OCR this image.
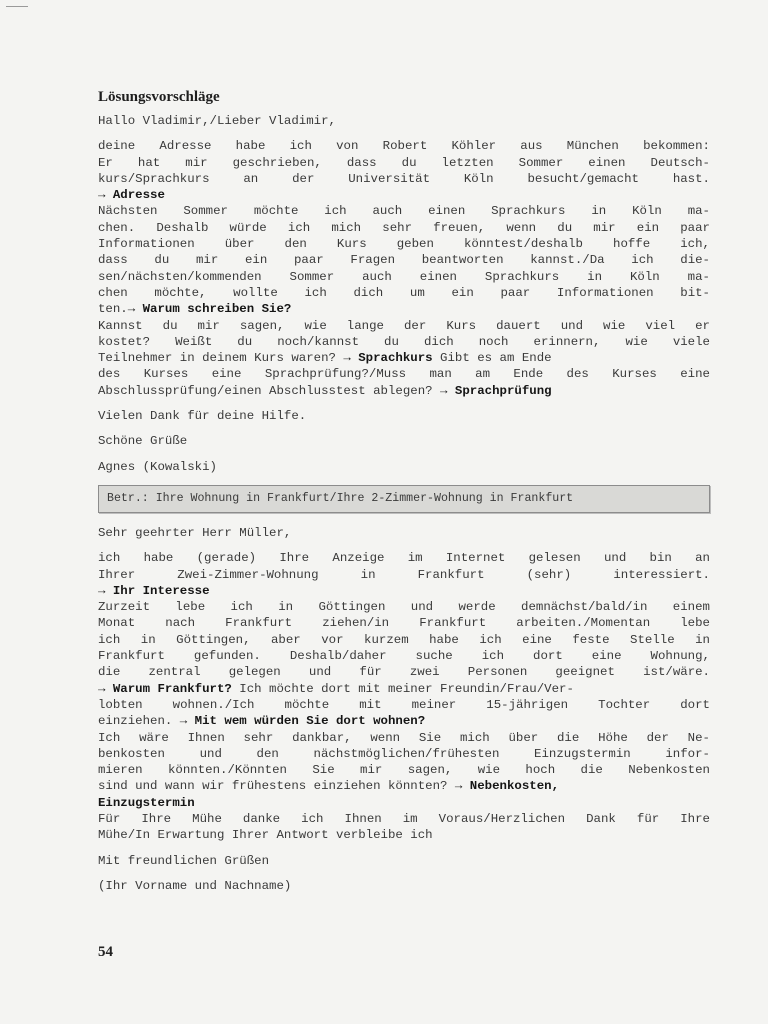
Lösungsvorschläge
Hallo Vladimir,/Lieber Vladimir,
deine Adresse habe ich von Robert Köhler aus München bekommen:
Er hat mir geschrieben, dass du letzten Sommer einen Deutsch-
kurs/Sprachkurs an der Universität Köln besucht/gemacht hast.
→ Adresse
Nächsten Sommer möchte ich auch einen Sprachkurs in Köln ma-
chen. Deshalb würde ich mich sehr freuen, wenn du mir ein paar
Informationen über den Kurs geben könntest/deshalb hoffe ich,
dass du mir ein paar Fragen beantworten kannst./Da ich die-
sen/nächsten/kommenden Sommer auch einen Sprachkurs in Köln ma-
chen möchte, wollte ich dich um ein paar Informationen bit-
ten.→ Warum schreiben Sie?
Kannst du mir sagen, wie lange der Kurs dauert und wie viel er
kostet? Weißt du noch/kannst du dich noch erinnern, wie viele
Teilnehmer in deinem Kurs waren? → Sprachkurs Gibt es am Ende
des Kurses eine Sprachprüfung?/Muss man am Ende des Kurses eine
Abschlussprüfung/einen Abschlusstest ablegen? → Sprachprüfung
Vielen Dank für deine Hilfe.
Schöne Grüße
Agnes (Kowalski)
Betr.: Ihre Wohnung in Frankfurt/Ihre 2-Zimmer-Wohnung in Frankfurt
Sehr geehrter Herr Müller,
ich habe (gerade) Ihre Anzeige im Internet gelesen und bin an
Ihrer Zwei-Zimmer-Wohnung in Frankfurt (sehr) interessiert.
→ Ihr Interesse
Zurzeit lebe ich in Göttingen und werde demnächst/bald/in einem
Monat nach Frankfurt ziehen/in Frankfurt arbeiten./Momentan lebe
ich in Göttingen, aber vor kurzem habe ich eine feste Stelle in
Frankfurt gefunden. Deshalb/daher suche ich dort eine Wohnung,
die zentral gelegen und für zwei Personen geeignet ist/wäre.
→ Warum Frankfurt? Ich möchte dort mit meiner Freundin/Frau/Ver-
lobten wohnen./Ich möchte mit meiner 15-jährigen Tochter dort
einziehen. → Mit wem würden Sie dort wohnen?
Ich wäre Ihnen sehr dankbar, wenn Sie mich über die Höhe der Ne-
benkosten und den nächstmöglichen/frühesten Einzugstermin infor-
mieren könnten./Könnten Sie mir sagen, wie hoch die Nebenkosten
sind und wann wir frühestens einziehen könnten? → Nebenkosten,
Einzugstermin
Für Ihre Mühe danke ich Ihnen im Voraus/Herzlichen Dank für Ihre
Mühe/In Erwartung Ihrer Antwort verbleibe ich
Mit freundlichen Grüßen
(Ihr Vorname und Nachname)
54
